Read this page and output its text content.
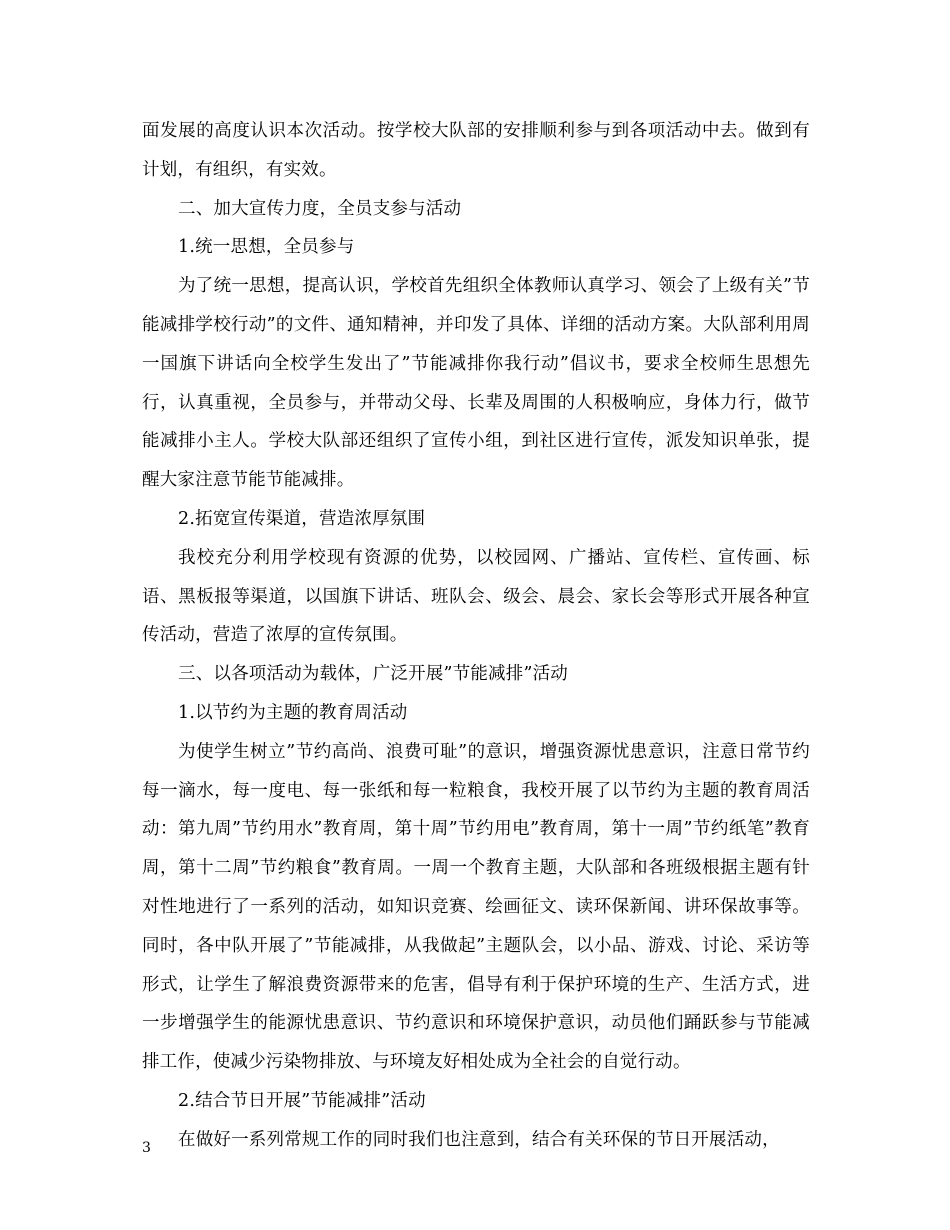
面发展的高度认识本次活动。按学校大队部的安排顺利参与到各项活动中去。做到有计划，有组织，有实效。

二、加大宣传力度，全员支参与活动

1.统一思想，全员参与

为了统一思想，提高认识，学校首先组织全体教师认真学习、领会了上级有关”节能减排学校行动”的文件、通知精神，并印发了具体、详细的活动方案。大队部利用周一国旗下讲话向全校学生发出了”节能减排你我行动”倡议书，要求全校师生思想先行，认真重视，全员参与，并带动父母、长辈及周围的人积极响应，身体力行，做节能减排小主人。学校大队部还组织了宣传小组，到社区进行宣传，派发知识单张，提醒大家注意节能节能减排。

2.拓宽宣传渠道，营造浓厚氛围

我校充分利用学校现有资源的优势，以校园网、广播站、宣传栏、宣传画、标语、黑板报等渠道，以国旗下讲话、班队会、级会、晨会、家长会等形式开展各种宣传活动，营造了浓厚的宣传氛围。

三、以各项活动为载体，广泛开展”节能减排”活动

1.以节约为主题的教育周活动

为使学生树立”节约高尚、浪费可耻”的意识，增强资源忧患意识，注意日常节约每一滴水，每一度电、每一张纸和每一粒粮食，我校开展了以节约为主题的教育周活动：第九周”节约用水”教育周，第十周”节约用电”教育周，第十一周”节约纸笔”教育周，第十二周”节约粮食”教育周。一周一个教育主题，大队部和各班级根据主题有针对性地进行了一系列的活动，如知识竞赛、绘画征文、读环保新闻、讲环保故事等。同时，各中队开展了”节能减排，从我做起”主题队会，以小品、游戏、讨论、采访等形式，让学生了解浪费资源带来的危害，倡导有利于保护环境的生产、生活方式，进一步增强学生的能源忧患意识、节约意识和环境保护意识，动员他们踊跃参与节能减排工作，使减少污染物排放、与环境友好相处成为全社会的自觉行动。

2.结合节日开展”节能减排”活动

在做好一系列常规工作的同时我们也注意到，结合有关环保的节日开展活动，

3
